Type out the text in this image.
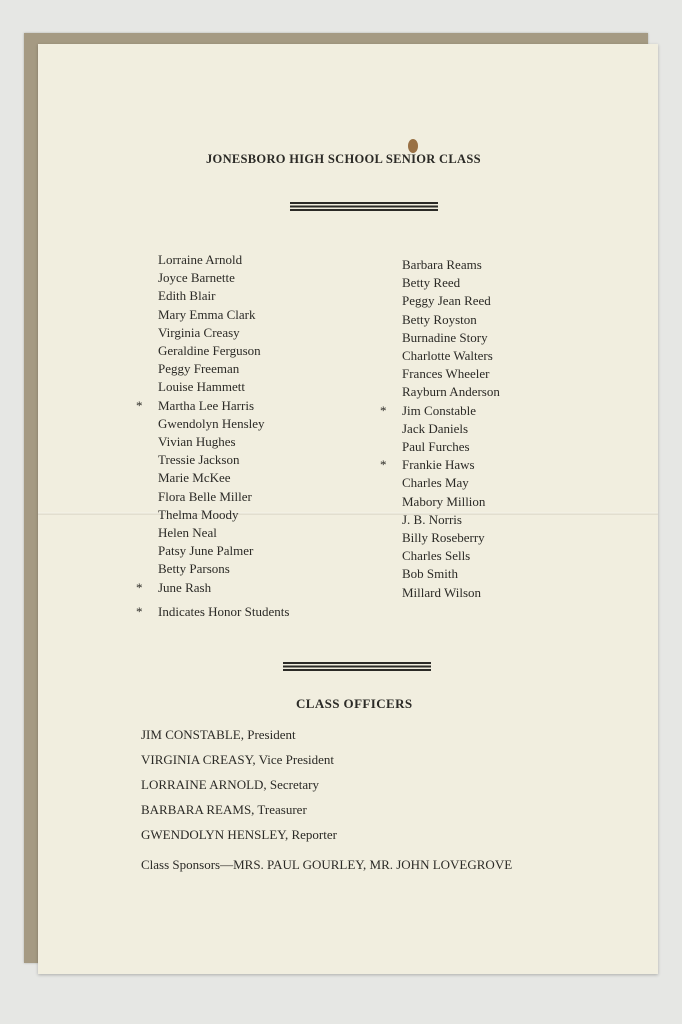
JONESBORO HIGH SCHOOL SENIOR CLASS
Lorraine Arnold
Joyce Barnette
Edith Blair
Mary Emma Clark
Virginia Creasy
Geraldine Ferguson
Peggy Freeman
Louise Hammett
* Martha Lee Harris
Gwendolyn Hensley
Vivian Hughes
Tressie Jackson
Marie McKee
Flora Belle Miller
Thelma Moody
Helen Neal
Patsy June Palmer
Betty Parsons
* June Rash
Barbara Reams
Betty Reed
Peggy Jean Reed
Betty Royston
Burnadine Story
Charlotte Walters
Frances Wheeler
Rayburn Anderson
* Jim Constable
Jack Daniels
Paul Furches
* Frankie Haws
Charles May
Mabory Million
J. B. Norris
Billy Roseberry
Charles Sells
Bob Smith
Millard Wilson
* Indicates Honor Students
CLASS OFFICERS
JIM CONSTABLE, President
VIRGINIA CREASY, Vice President
LORRAINE ARNOLD, Secretary
BARBARA REAMS, Treasurer
GWENDOLYN HENSLEY, Reporter
Class Sponsors—MRS. PAUL GOURLEY, MR. JOHN LOVEGROVE
